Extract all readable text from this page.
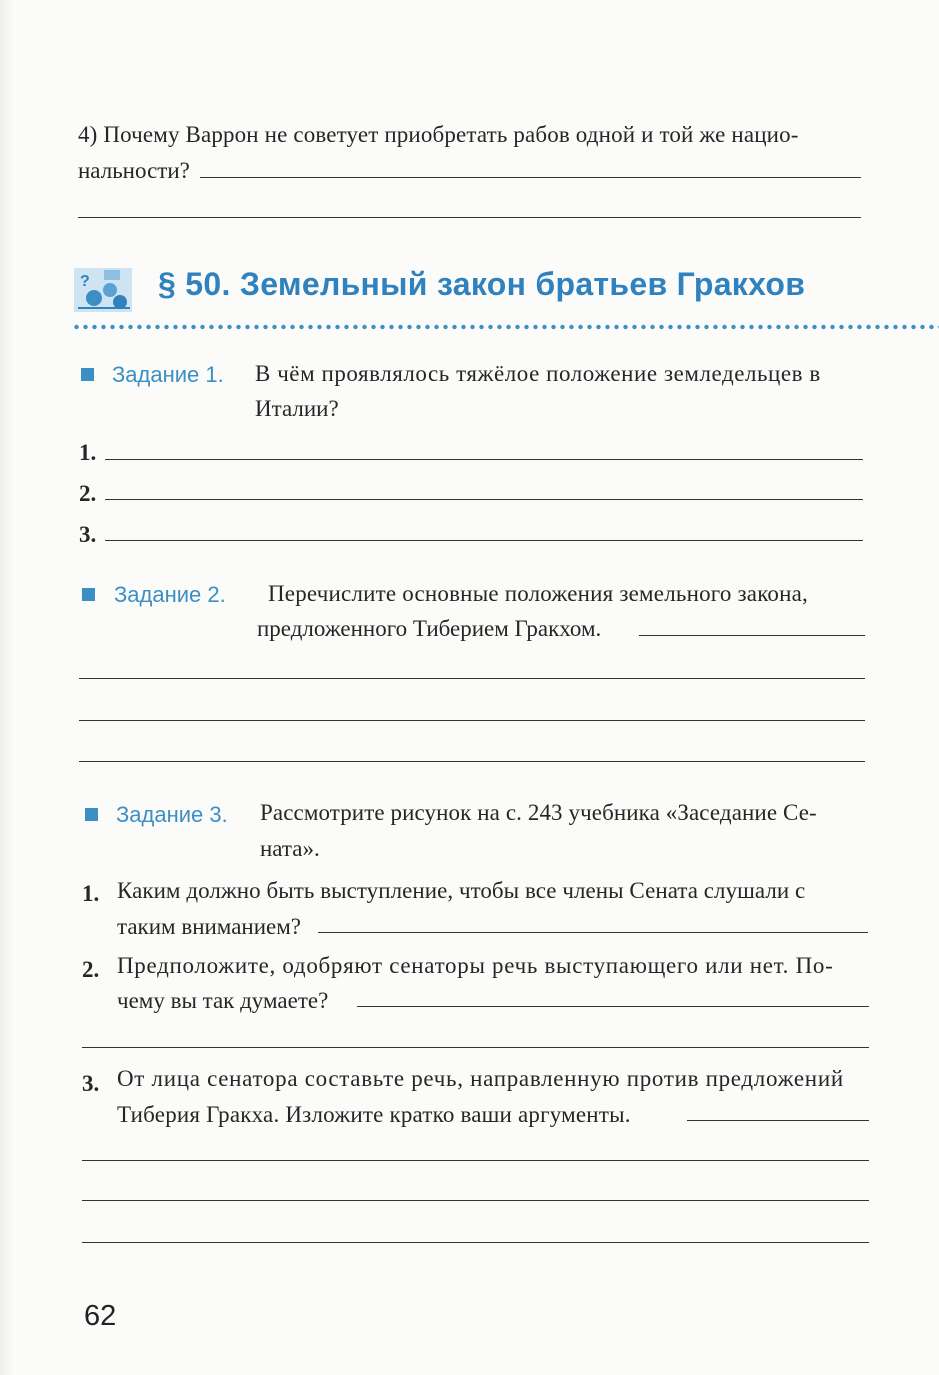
4) Почему Варрон не советует приобретать рабов одной и той же нацио-
нальности?
? § 50. Земельный закон братьев Гракхов
Задание 1. В чём проявлялось тяжёлое положение земледельцев в
Италии?
1.
2.
3.
Задание 2. Перечислите основные положения земельного закона,
предложенного Тиберием Гракхом.
Задание 3. Рассмотрите рисунок на с. 243 учебника «Заседание Се-
ната».
1. Каким должно быть выступление, чтобы все члены Сената слушали с
таким вниманием?
2. Предположите, одобряют сенаторы речь выступающего или нет. По-
чему вы так думаете?
3. От лица сенатора составьте речь, направленную против предложений
Тиберия Гракха. Изложите кратко ваши аргументы.
62
